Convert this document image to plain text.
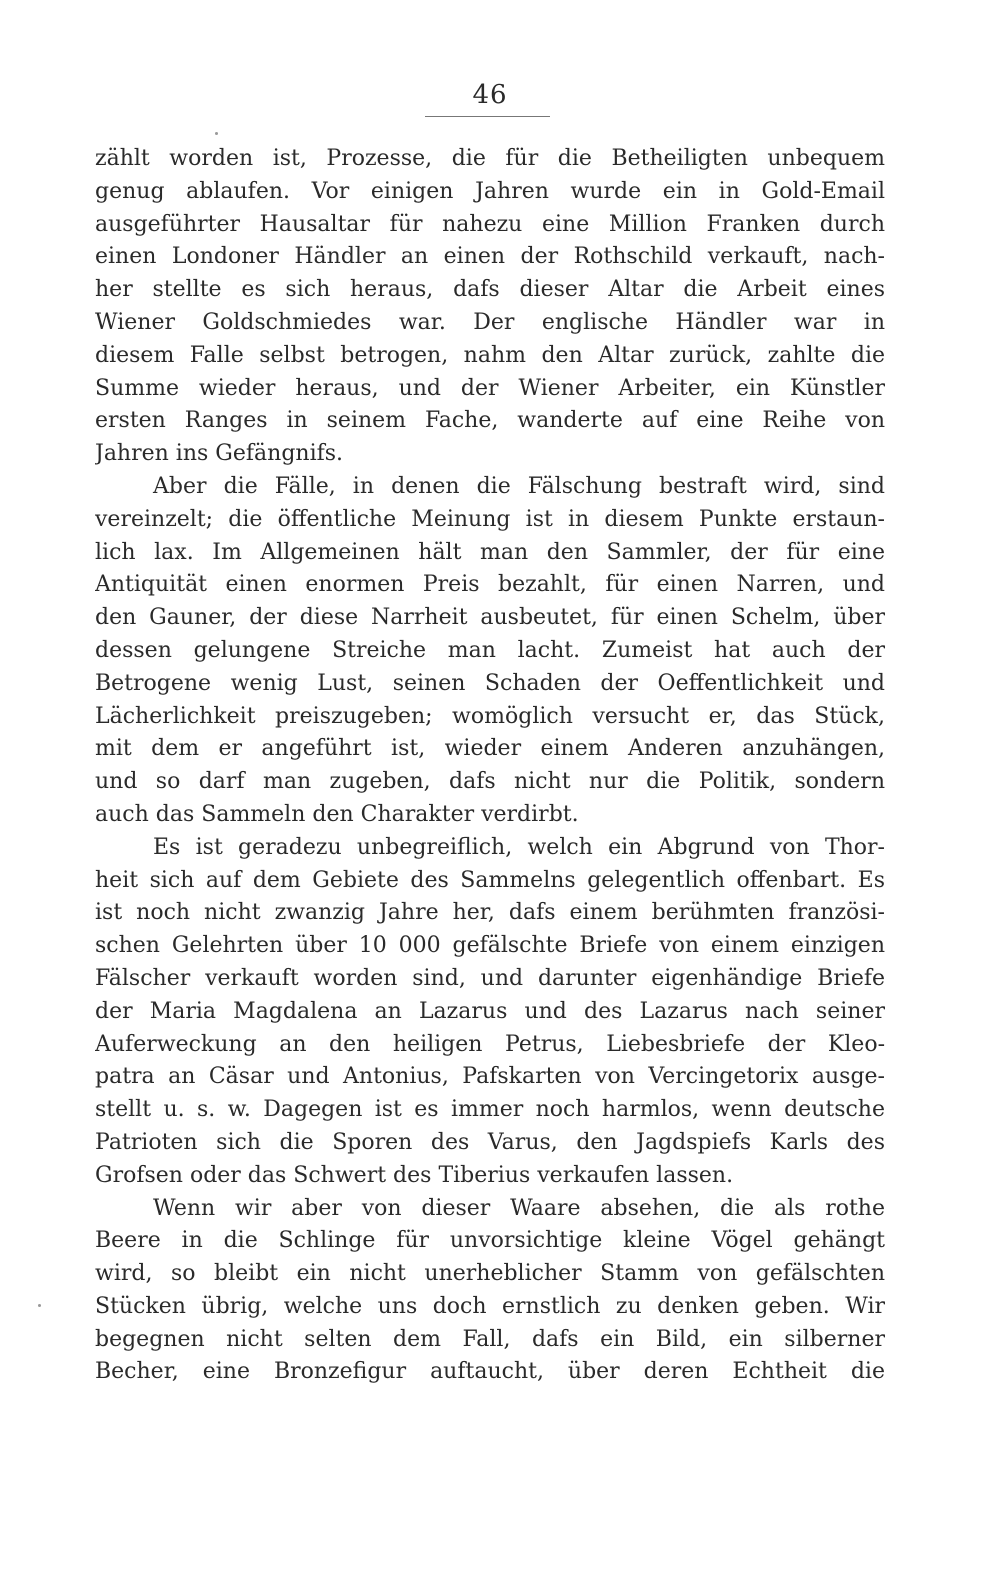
46
zählt worden ist, Prozesse, die für die Betheiligten unbequem
genug ablaufen. Vor einigen Jahren wurde ein in Gold-Email
ausgeführter Hausaltar für nahezu eine Million Franken durch
einen Londoner Händler an einen der Rothschild verkauft, nach-
her stellte es sich heraus, dafs dieser Altar die Arbeit eines
Wiener Goldschmiedes war. Der englische Händler war in
diesem Falle selbst betrogen, nahm den Altar zurück, zahlte die
Summe wieder heraus, und der Wiener Arbeiter, ein Künstler
ersten Ranges in seinem Fache, wanderte auf eine Reihe von
Jahren ins Gefängnifs.
Aber die Fälle, in denen die Fälschung bestraft wird, sind
vereinzelt; die öffentliche Meinung ist in diesem Punkte erstaun-
lich lax. Im Allgemeinen hält man den Sammler, der für eine
Antiquität einen enormen Preis bezahlt, für einen Narren, und
den Gauner, der diese Narrheit ausbeutet, für einen Schelm, über
dessen gelungene Streiche man lacht. Zumeist hat auch der
Betrogene wenig Lust, seinen Schaden der Oeffentlichkeit und
Lächerlichkeit preiszugeben; womöglich versucht er, das Stück,
mit dem er angeführt ist, wieder einem Anderen anzuhängen,
und so darf man zugeben, dafs nicht nur die Politik, sondern
auch das Sammeln den Charakter verdirbt.
Es ist geradezu unbegreiflich, welch ein Abgrund von Thor-
heit sich auf dem Gebiete des Sammelns gelegentlich offenbart. Es
ist noch nicht zwanzig Jahre her, dafs einem berühmten französi-
schen Gelehrten über 10 000 gefälschte Briefe von einem einzigen
Fälscher verkauft worden sind, und darunter eigenhändige Briefe
der Maria Magdalena an Lazarus und des Lazarus nach seiner
Auferweckung an den heiligen Petrus, Liebesbriefe der Kleo-
patra an Cäsar und Antonius, Pafskarten von Vercingetorix ausge-
stellt u. s. w. Dagegen ist es immer noch harmlos, wenn deutsche
Patrioten sich die Sporen des Varus, den Jagdspiefs Karls des
Grofsen oder das Schwert des Tiberius verkaufen lassen.
Wenn wir aber von dieser Waare absehen, die als rothe
Beere in die Schlinge für unvorsichtige kleine Vögel gehängt
wird, so bleibt ein nicht unerheblicher Stamm von gefälschten
Stücken übrig, welche uns doch ernstlich zu denken geben. Wir
begegnen nicht selten dem Fall, dafs ein Bild, ein silberner
Becher, eine Bronzefigur auftaucht, über deren Echtheit die
